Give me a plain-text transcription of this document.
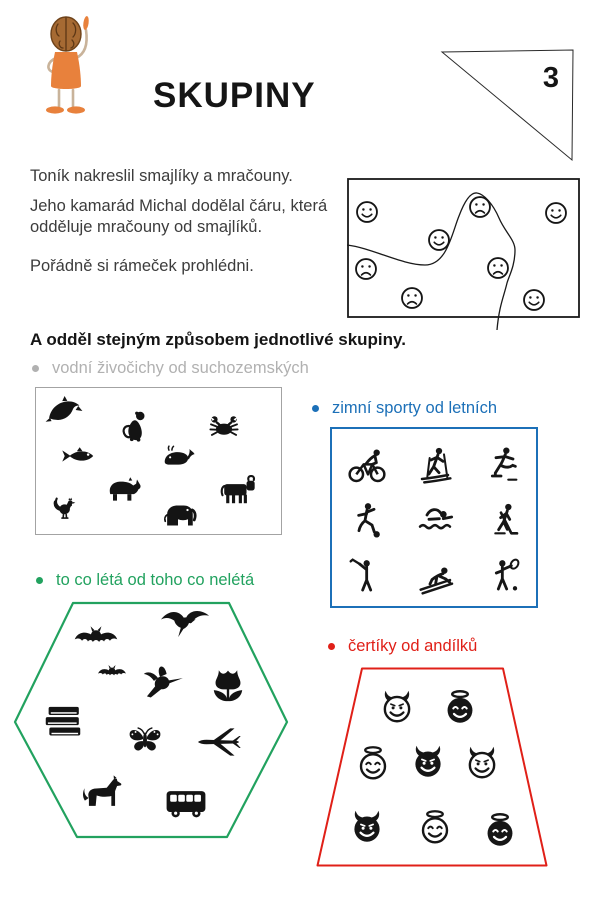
SKUPINY	3
Toník nakreslil smajlíky a mračouny.
Jeho kamarád Michal dodělal čáru, která odděluje mračouny od smajlíků.
Pořádně si rámeček prohlédni.
A odděl stejným způsobem jednotlivé skupiny.
vodní živočichy od suchozemských
zimní sporty od letních
to co létá od toho co nelétá
čertíky od andílků
